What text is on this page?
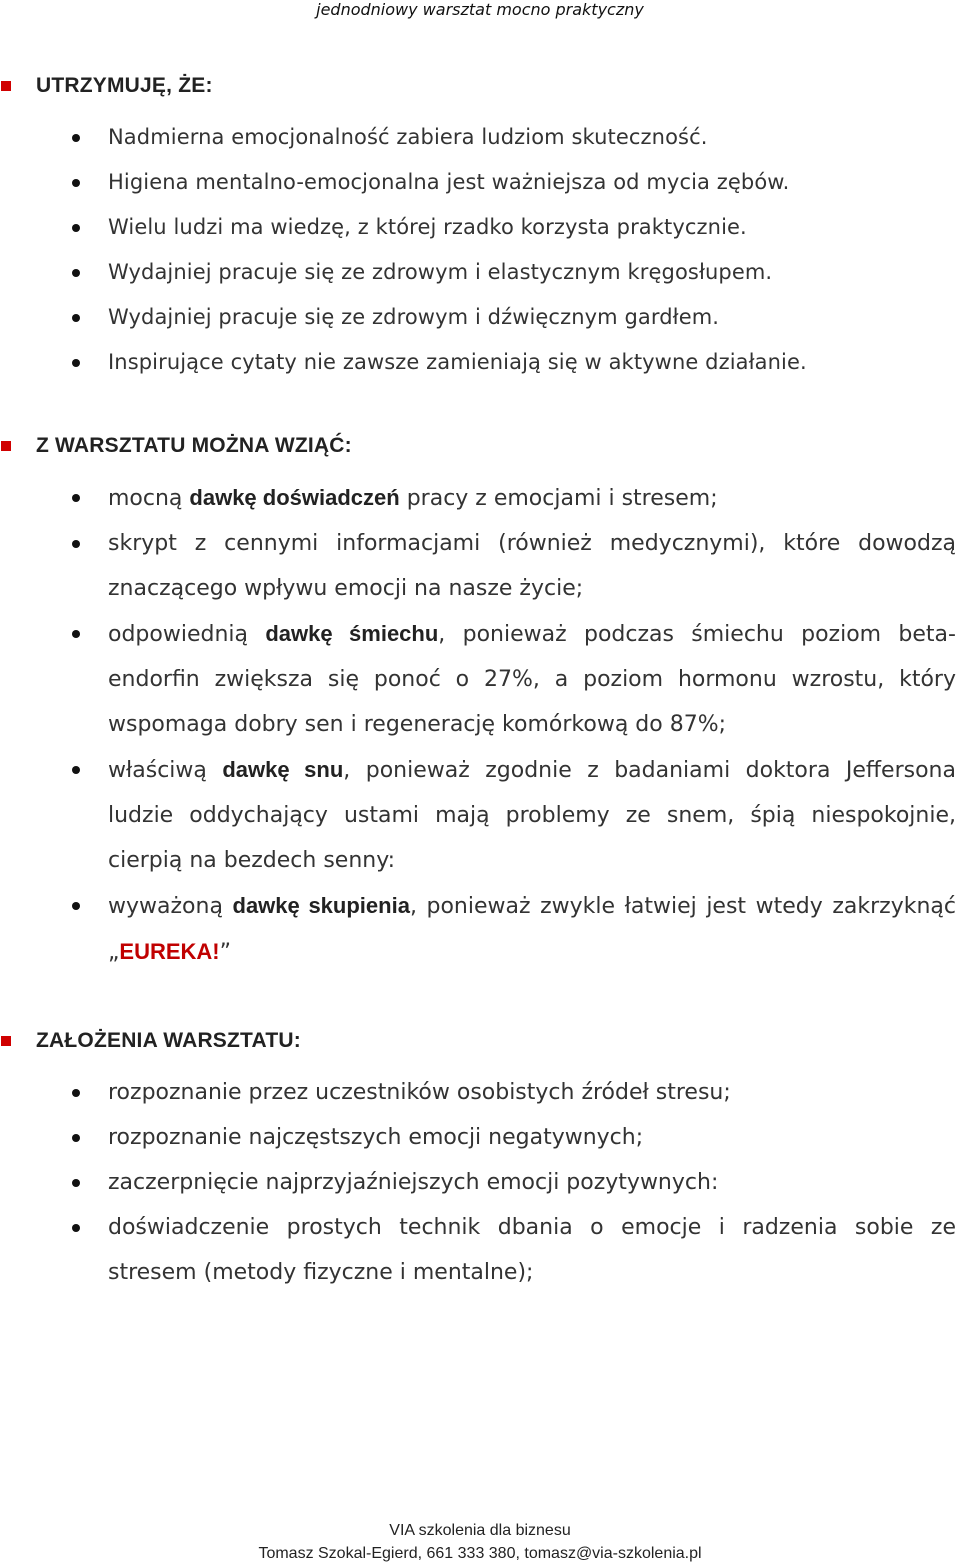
jednodniowy warsztat mocno praktyczny
UTRZYMUJĘ, ŻE:
Nadmierna emocjonalność zabiera ludziom skuteczność.
Higiena mentalno-emocjonalna jest ważniejsza od mycia zębów.
Wielu ludzi ma wiedzę, z której rzadko korzysta praktycznie.
Wydajniej pracuje się ze zdrowym i elastycznym kręgosłupem.
Wydajniej pracuje się ze zdrowym i dźwięcznym gardłem.
Inspirujące cytaty nie zawsze zamieniają się w aktywne działanie.
Z WARSZTATU MOŻNA WZIĄĆ:
mocną dawkę doświadczeń pracy z emocjami i stresem;
skrypt z cennymi informacjami (również medycznymi), które dowodzą znaczącego wpływu emocji na nasze życie;
odpowiednią dawkę śmiechu, ponieważ podczas śmiechu poziom beta-endorfin zwiększa się ponoć o 27%, a poziom hormonu wzrostu, który wspomaga dobry sen i regenerację komórkową do 87%;
właściwą dawkę snu, ponieważ zgodnie z badaniami doktora Jeffersona ludzie oddychający ustami mają problemy ze snem, śpią niespokojnie, cierpią na bezdech senny:
wyważoną dawkę skupienia, ponieważ zwykle łatwiej jest wtedy zakrzyknąć „EUREKA!”
ZAŁOŻENIA WARSZTATU:
rozpoznanie przez uczestników osobistych źródeł stresu;
rozpoznanie najczęstszych emocji negatywnych;
zaczerpnięcie najprzyjaźniejszych emocji pozytywnych:
doświadczenie prostych technik dbania o emocje i radzenia sobie ze stresem (metody fizyczne i mentalne);
VIA szkolenia dla biznesu
Tomasz Szokal-Egierd, 661 333 380, tomasz@via-szkolenia.pl
